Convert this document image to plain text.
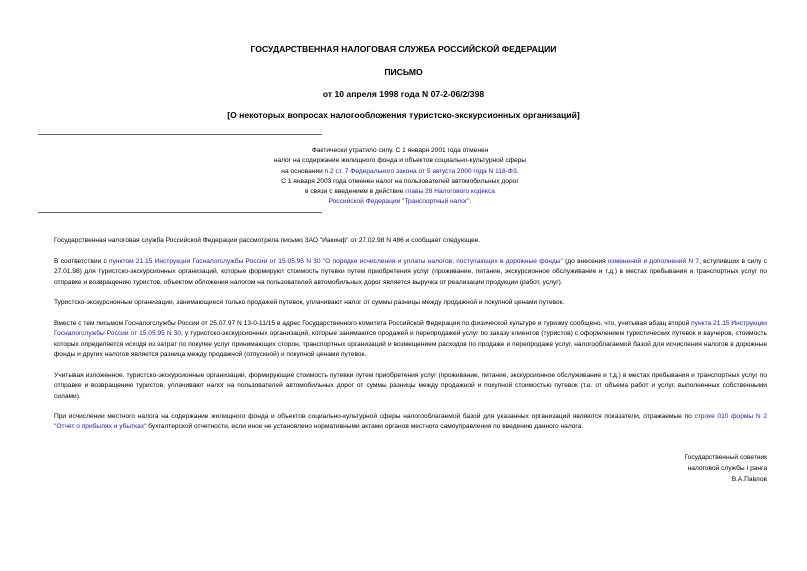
ГОСУДАРСТВЕННАЯ НАЛОГОВАЯ СЛУЖБА РОССИЙСКОЙ ФЕДЕРАЦИИ
ПИСЬМО
от 10 апреля 1998 года N 07-2-06/2/398
[О некоторых вопросах налогообложения туристско-экскурсионных организаций]
Фактически утратило силу. С 1 января 2001 года отменен
налог на содержание жилищного фонда и объектов социально-культурной сферы
на основании п.2 ст. 7 Федерального закона от 5 августа 2000 года N 118-ФЗ.
С 1 января 2003 года отменен налог на пользователей автомобильных дорог
в связи с введением в действие главы 28 Налогового кодекса
Российской Федерации "Транспортный налог".

Государственная налоговая служба Российской Федерации рассмотрела письмо ЗАО "Иакинф" от 27.02.98 N 486 и сообщает следующее.

В соответствии с пунктом 21.15 Инструкции Госналогслужбы России от 15.05.95 N 30 "О порядке исчисления и уплаты налогов, поступающих в дорожные фонды" (до внесения изменений и дополнений N 7, вступивших в силу с 27.01.98) для туристско-экскурсионных организаций, которые формируют стоимость путевки путем приобретения услуг (проживание, питание, экскурсионное обслуживание и т.д.) в местах пребывания и транспортных услуг по отправке и возвращению туристов, объектом обложения налогом на пользователей автомобильных дорог является выручка от реализации продукции (работ, услуг).

Туристско-экскурсионные организации, занимающиеся только продажей путевок, уплачивают налог от суммы разницы между продажной и покупной ценами путевок.

Вместе с тем письмом Госналогслужбы России от 25.07.97 N 13-0-11/15 в адрес Государственного комитета Российской Федерации по физической культуре и туризму сообщено, что, учитывая абзац второй пункта 21.15 Инструкции Госналогслужбы России от 15.05.95 N 30, у туристско-экскурсионных организаций, которые занимаются продажей и перепродажей услуг по заказу клиентов (туристов) с оформлением туристических путевок и ваучеров, стоимость которых определяется исходя из затрат по покупке услуг принимающих сторон, транспортных организаций и возмещением расходов по продаже и перепродаже услуг, налогооблагаемой базой для исчисления налогов в дорожные фонды и других налогов является разница между продажной (отпускной) и покупной ценами путевок.

Учитывая изложенное, туристско-экскурсионные организации, формирующие стоимость путевки путем приобретения услуг (проживание, питание, экскурсионное обслуживание и т.д.) в местах пребывания и транспортных услуг по отправке и возвращению туристов, уплачивают налог на пользователей автомобильных дорог от суммы разницы между продажной и покупной стоимостью путевок (т.е. от объема работ и услуг, выполненных собственными силами).

При исчислении местного налога на содержание жилищного фонда и объектов социально-культурной сферы налогооблагаемой базой для указанных организаций являются показатели, отражаемые по строке 010 формы N 2 "Отчет о прибылях и убытках" бухгалтерской отчетности, если иное не установлено нормативными актами органов местного самоуправления по введению данного налога.

Государственный советник
налоговой службы I ранга
В.А.Павлов
